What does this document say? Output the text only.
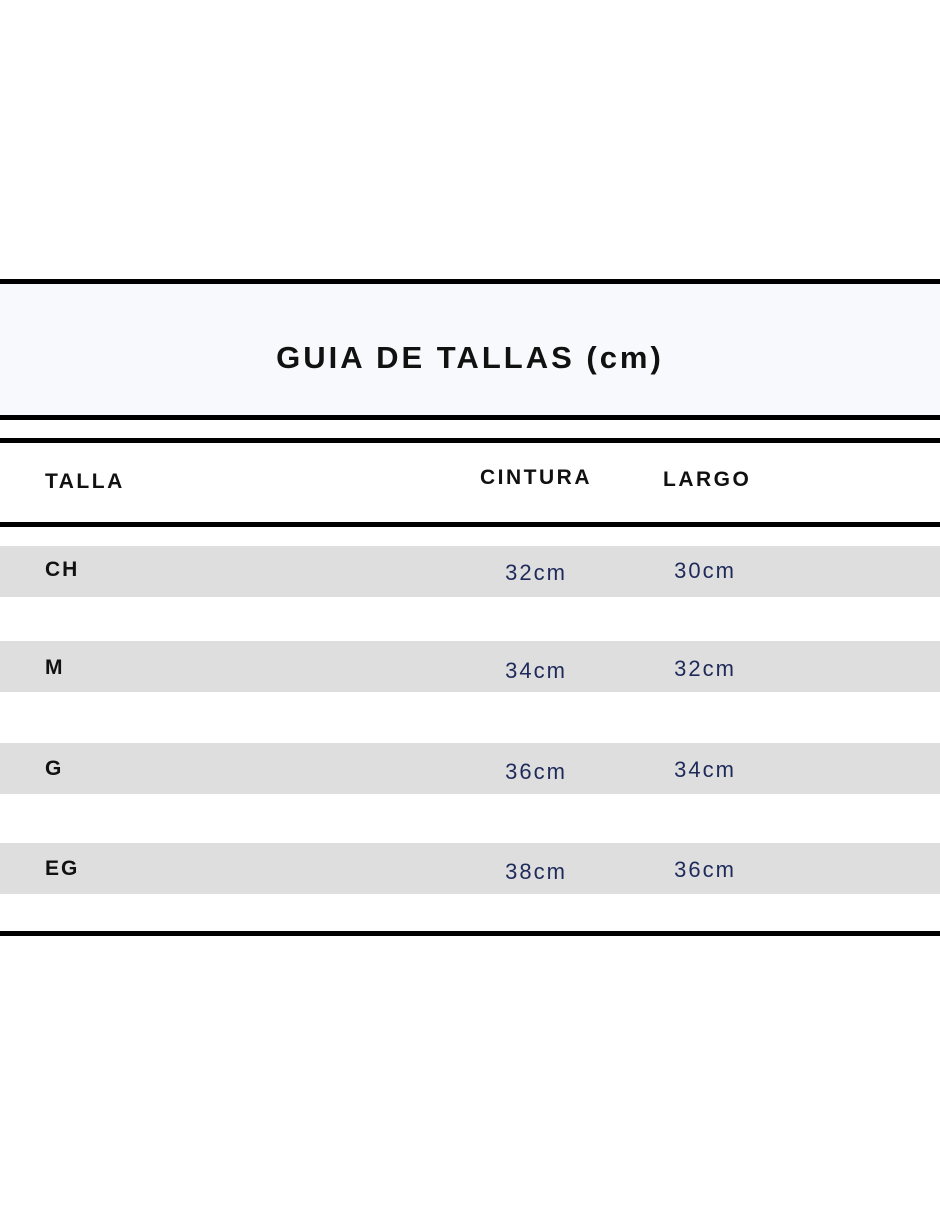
GUIA DE TALLAS (cm)
TALLA	CINTURA	LARGO
CH	32cm	30cm
M	34cm	32cm
G	36cm	34cm
EG	38cm	36cm
